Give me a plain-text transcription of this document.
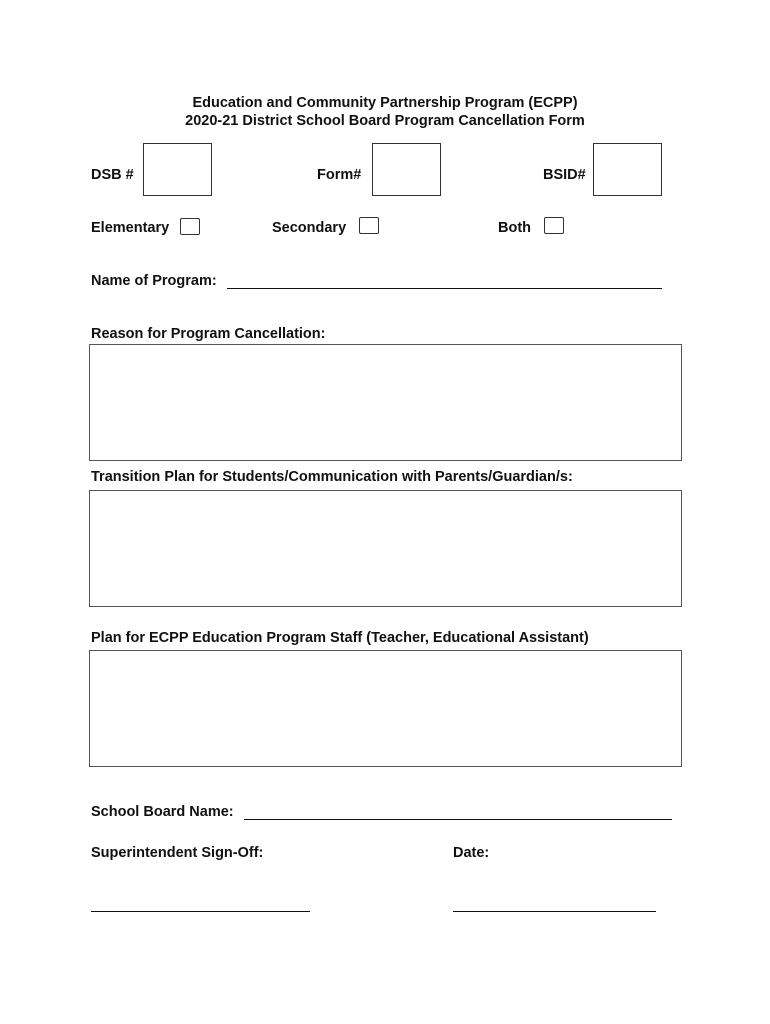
Education and Community Partnership Program (ECPP)
2020-21 District School Board Program Cancellation Form
DSB #	Form#	BSID#
Elementary	Secondary	Both
Name of Program:
Reason for Program Cancellation:
Transition Plan for Students/Communication with Parents/Guardian/s:
Plan for ECPP Education Program Staff (Teacher, Educational Assistant)
School Board Name:
Superintendent Sign-Off:	Date:
